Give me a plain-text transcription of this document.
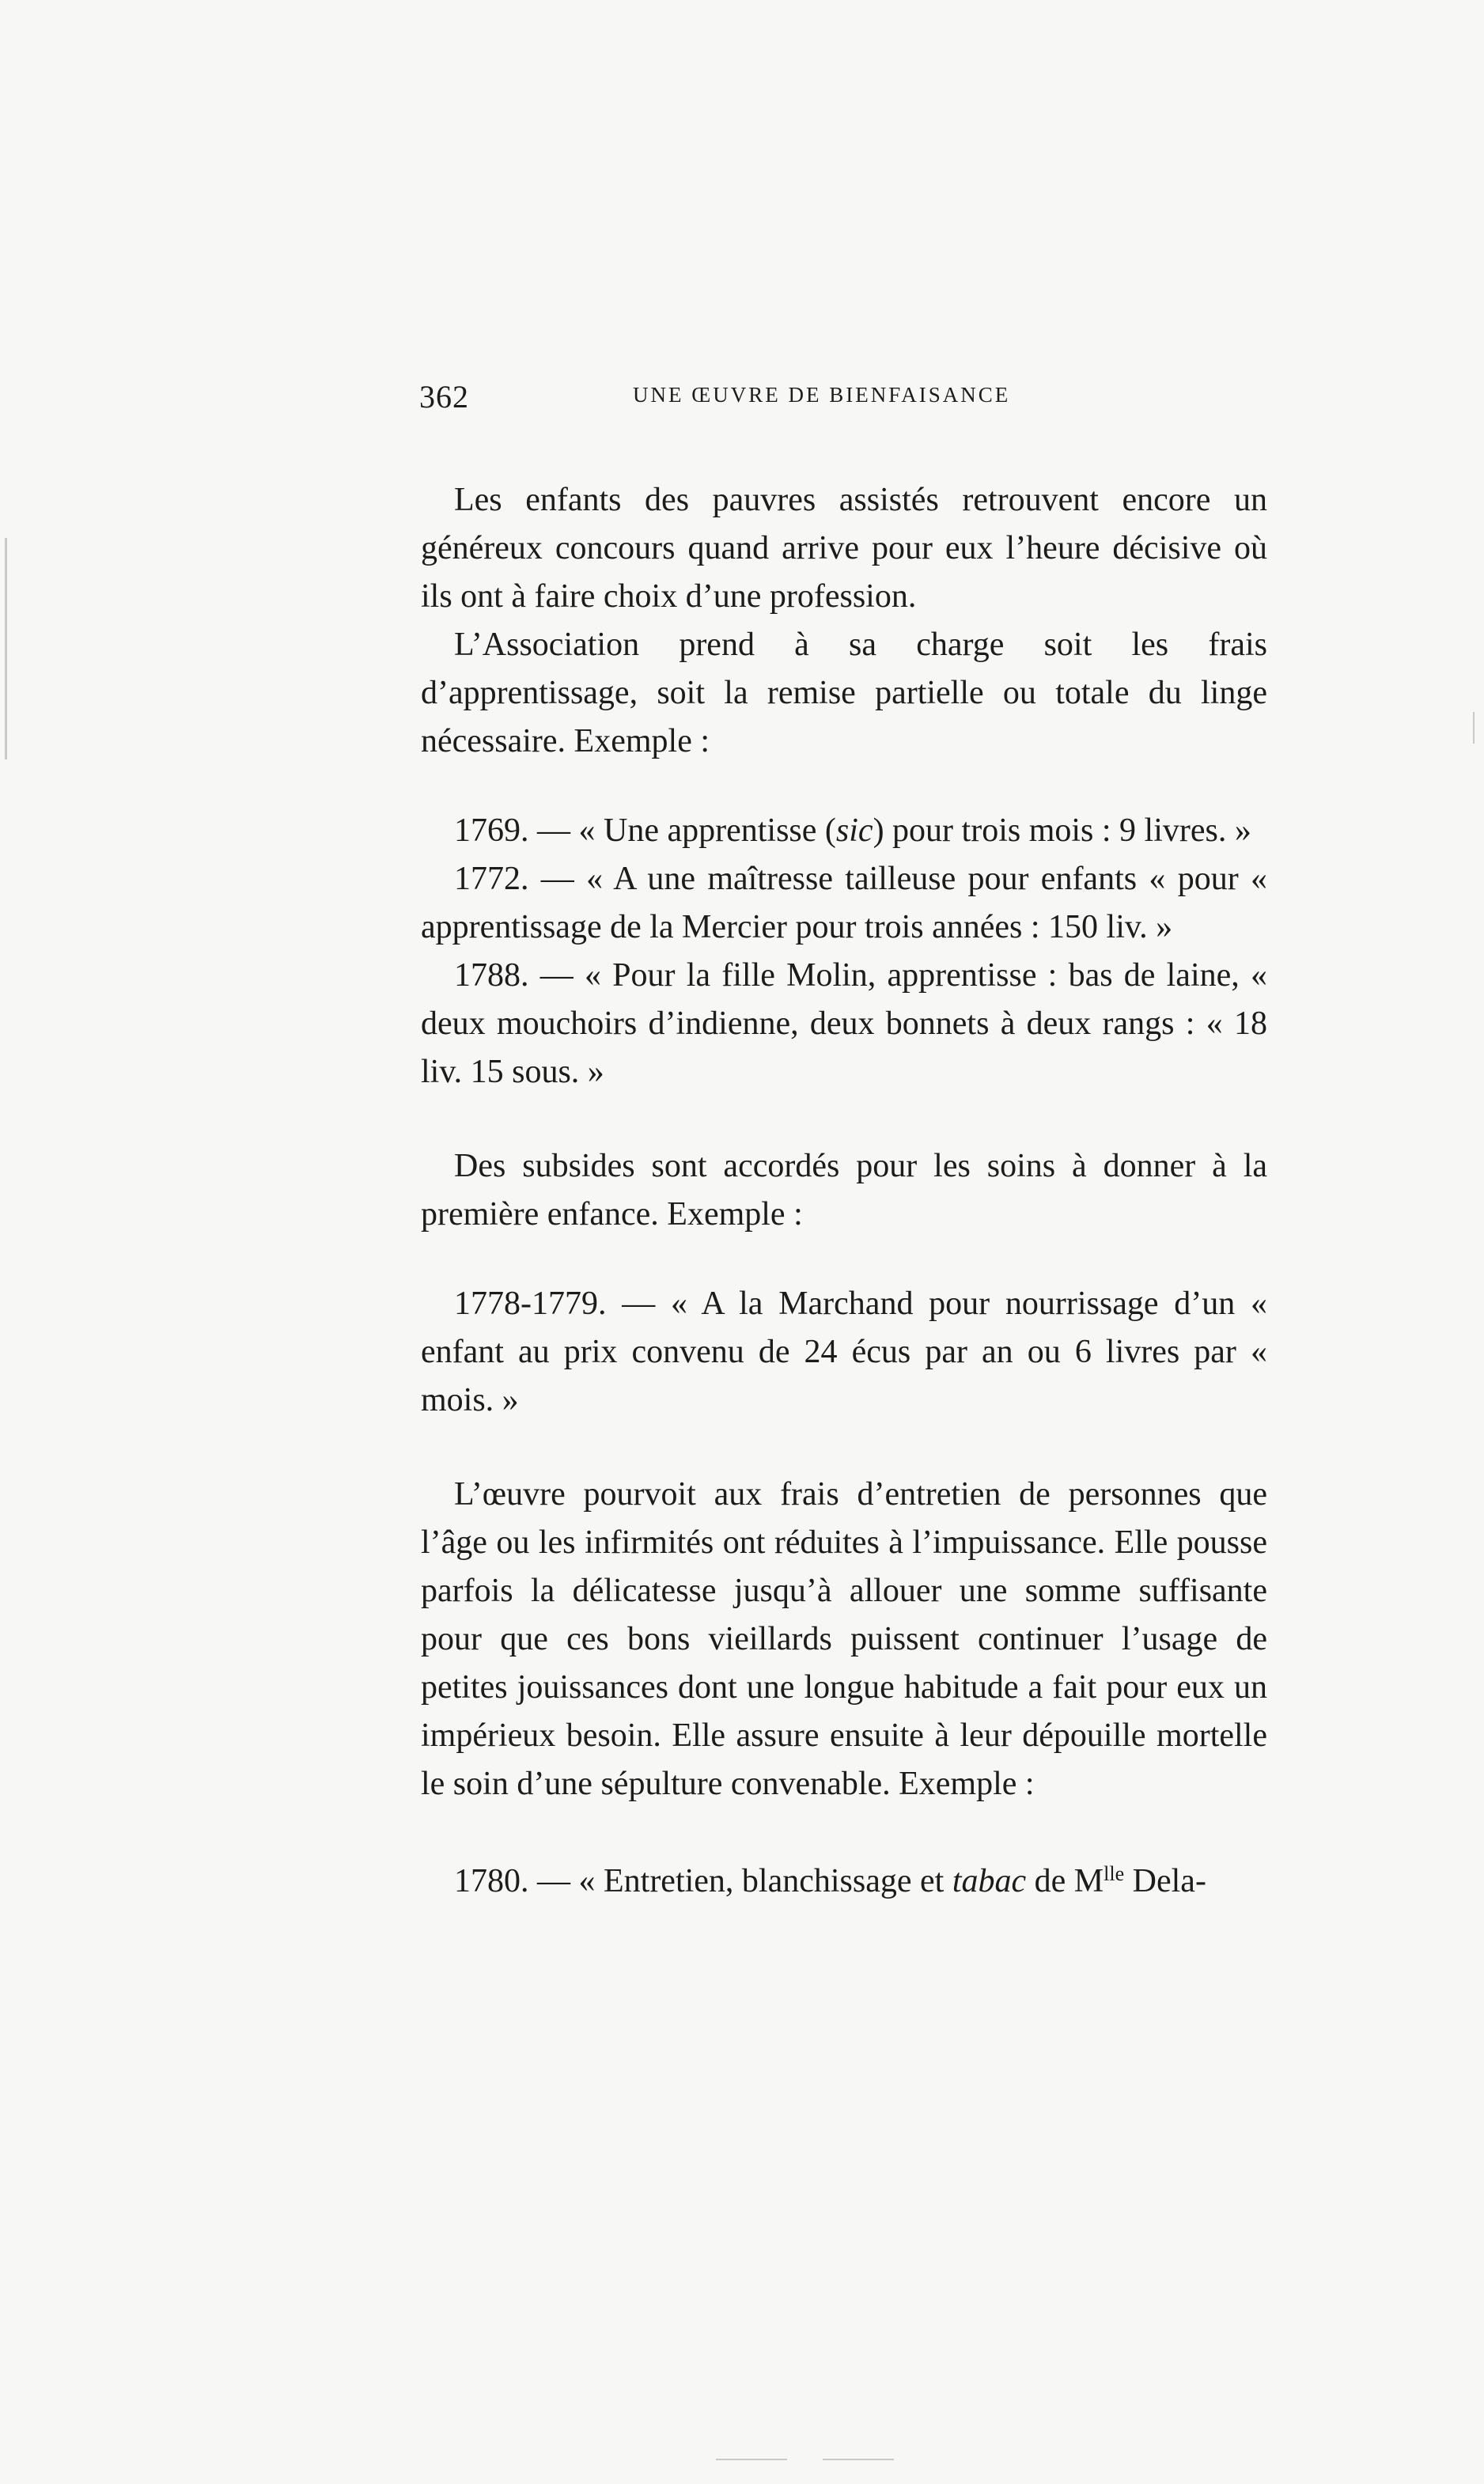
362	UNE ŒUVRE DE BIENFAISANCE

Les enfants des pauvres assistés retrouvent encore un généreux concours quand arrive pour eux l’heure décisive où ils ont à faire choix d’une profession.

L’Association prend à sa charge soit les frais d’apprentissage, soit la remise partielle ou totale du linge nécessaire. Exemple :

1769. — « Une apprentisse (sic) pour trois mois : 9 livres. »

1772. — « A une maîtresse tailleuse pour enfants « pour « apprentissage de la Mercier pour trois années : 150 liv. »

1788. — « Pour la fille Molin, apprentisse : bas de laine, « deux mouchoirs d’indienne, deux bonnets à deux rangs : « 18 liv. 15 sous. »

Des subsides sont accordés pour les soins à donner à la première enfance. Exemple :

1778-1779. — « A la Marchand pour nourrissage d’un « enfant au prix convenu de 24 écus par an ou 6 livres par « mois. »

L’œuvre pourvoit aux frais d’entretien de personnes que l’âge ou les infirmités ont réduites à l’impuissance. Elle pousse parfois la délicatesse jusqu’à allouer une somme suffisante pour que ces bons vieillards puissent continuer l’usage de petites jouissances dont une longue habitude a fait pour eux un impérieux besoin. Elle assure ensuite à leur dépouille mortelle le soin d’une sépulture convenable. Exemple :

1780. — « Entretien, blanchissage et tabac de $M^{lle}$ Dela-
